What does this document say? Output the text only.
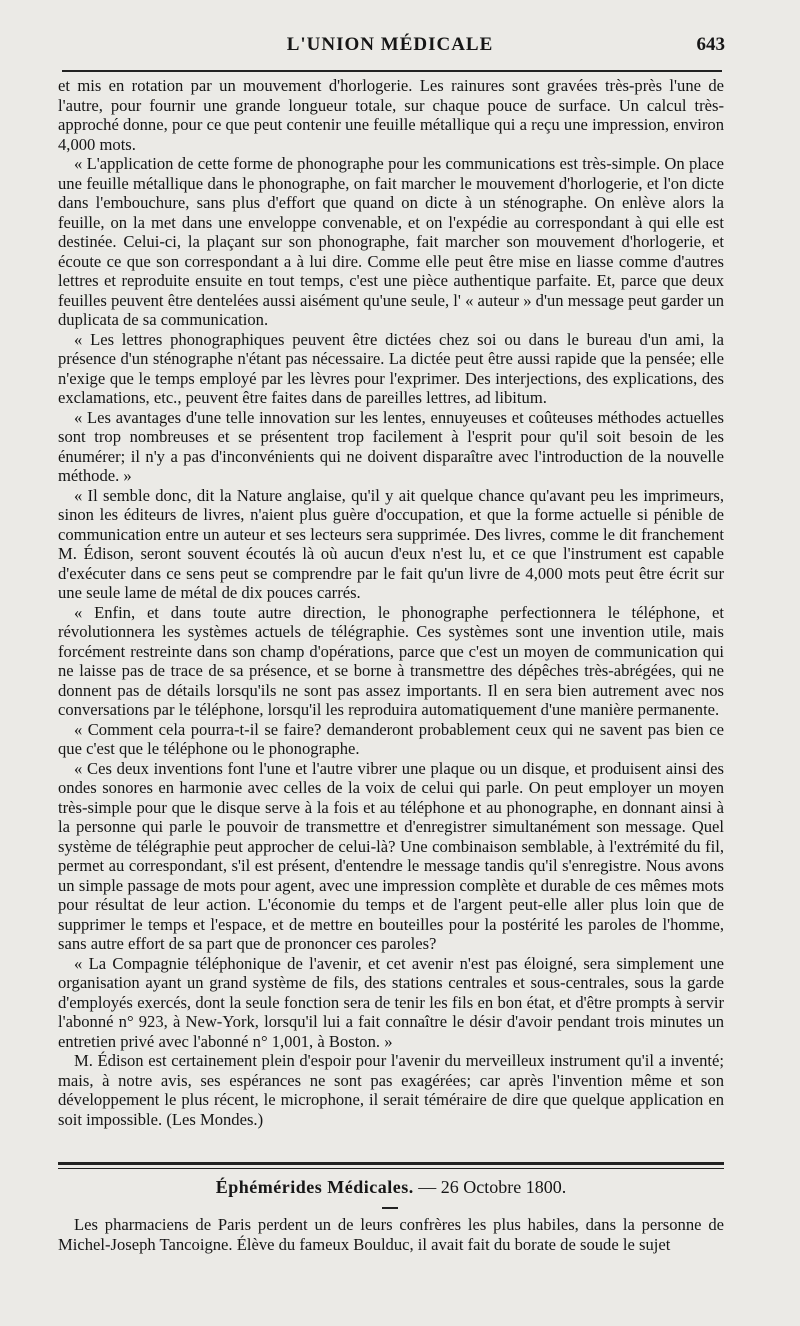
L'UNION MÉDICALE	643

et mis en rotation par un mouvement d'horlogerie. Les rainures sont gravées très-près l'une de l'autre, pour fournir une grande longueur totale, sur chaque pouce de surface. Un calcul très-approché donne, pour ce que peut contenir une feuille métallique qui a reçu une impression, environ 4,000 mots.

« L'application de cette forme de phonographe pour les communications est très-simple. On place une feuille métallique dans le phonographe, on fait marcher le mouvement d'horlogerie, et l'on dicte dans l'embouchure, sans plus d'effort que quand on dicte à un sténographe. On enlève alors la feuille, on la met dans une enveloppe convenable, et on l'expédie au correspondant à qui elle est destinée. Celui-ci, la plaçant sur son phonographe, fait marcher son mouvement d'horlogerie, et écoute ce que son correspondant a à lui dire. Comme elle peut être mise en liasse comme d'autres lettres et reproduite ensuite en tout temps, c'est une pièce authentique parfaite. Et, parce que deux feuilles peuvent être dentelées aussi aisément qu'une seule, l' « auteur » d'un message peut garder un duplicata de sa communication.

« Les lettres phonographiques peuvent être dictées chez soi ou dans le bureau d'un ami, la présence d'un sténographe n'étant pas nécessaire. La dictée peut être aussi rapide que la pensée; elle n'exige que le temps employé par les lèvres pour l'exprimer. Des interjections, des explications, des exclamations, etc., peuvent être faites dans de pareilles lettres, ad libitum.

« Les avantages d'une telle innovation sur les lentes, ennuyeuses et coûteuses méthodes actuelles sont trop nombreuses et se présentent trop facilement à l'esprit pour qu'il soit besoin de les énumérer; il n'y a pas d'inconvénients qui ne doivent disparaître avec l'introduction de la nouvelle méthode. »

« Il semble donc, dit la Nature anglaise, qu'il y ait quelque chance qu'avant peu les imprimeurs, sinon les éditeurs de livres, n'aient plus guère d'occupation, et que la forme actuelle si pénible de communication entre un auteur et ses lecteurs sera supprimée. Des livres, comme le dit franchement M. Édison, seront souvent écoutés là où aucun d'eux n'est lu, et ce que l'instrument est capable d'exécuter dans ce sens peut se comprendre par le fait qu'un livre de 4,000 mots peut être écrit sur une seule lame de métal de dix pouces carrés.

« Enfin, et dans toute autre direction, le phonographe perfectionnera le téléphone, et révolutionnera les systèmes actuels de télégraphie. Ces systèmes sont une invention utile, mais forcément restreinte dans son champ d'opérations, parce que c'est un moyen de communication qui ne laisse pas de trace de sa présence, et se borne à transmettre des dépêches très-abrégées, qui ne donnent pas de détails lorsqu'ils ne sont pas assez importants. Il en sera bien autrement avec nos conversations par le téléphone, lorsqu'il les reproduira automatiquement d'une manière permanente.

« Comment cela pourra-t-il se faire? demanderont probablement ceux qui ne savent pas bien ce que c'est que le téléphone ou le phonographe.

« Ces deux inventions font l'une et l'autre vibrer une plaque ou un disque, et produisent ainsi des ondes sonores en harmonie avec celles de la voix de celui qui parle. On peut employer un moyen très-simple pour que le disque serve à la fois et au téléphone et au phonographe, en donnant ainsi à la personne qui parle le pouvoir de transmettre et d'enregistrer simultanément son message. Quel système de télégraphie peut approcher de celui-là? Une combinaison semblable, à l'extrémité du fil, permet au correspondant, s'il est présent, d'entendre le message tandis qu'il s'enregistre. Nous avons un simple passage de mots pour agent, avec une impression complète et durable de ces mêmes mots pour résultat de leur action. L'économie du temps et de l'argent peut-elle aller plus loin que de supprimer le temps et l'espace, et de mettre en bouteilles pour la postérité les paroles de l'homme, sans autre effort de sa part que de prononcer ces paroles?

« La Compagnie téléphonique de l'avenir, et cet avenir n'est pas éloigné, sera simplement une organisation ayant un grand système de fils, des stations centrales et sous-centrales, sous la garde d'employés exercés, dont la seule fonction sera de tenir les fils en bon état, et d'être prompts à servir l'abonné n° 923, à New-York, lorsqu'il lui a fait connaître le désir d'avoir pendant trois minutes un entretien privé avec l'abonné n° 1,001, à Boston. »

M. Édison est certainement plein d'espoir pour l'avenir du merveilleux instrument qu'il a inventé; mais, à notre avis, ses espérances ne sont pas exagérées; car après l'invention même et son développement le plus récent, le microphone, il serait téméraire de dire que quelque application en soit impossible. (Les Mondes.)

Éphémérides Médicales. — 26 Octobre 1800.

Les pharmaciens de Paris perdent un de leurs confrères les plus habiles, dans la personne de Michel-Joseph Tancoigne. Élève du fameux Boulduc, il avait fait du borate de soude le sujet
